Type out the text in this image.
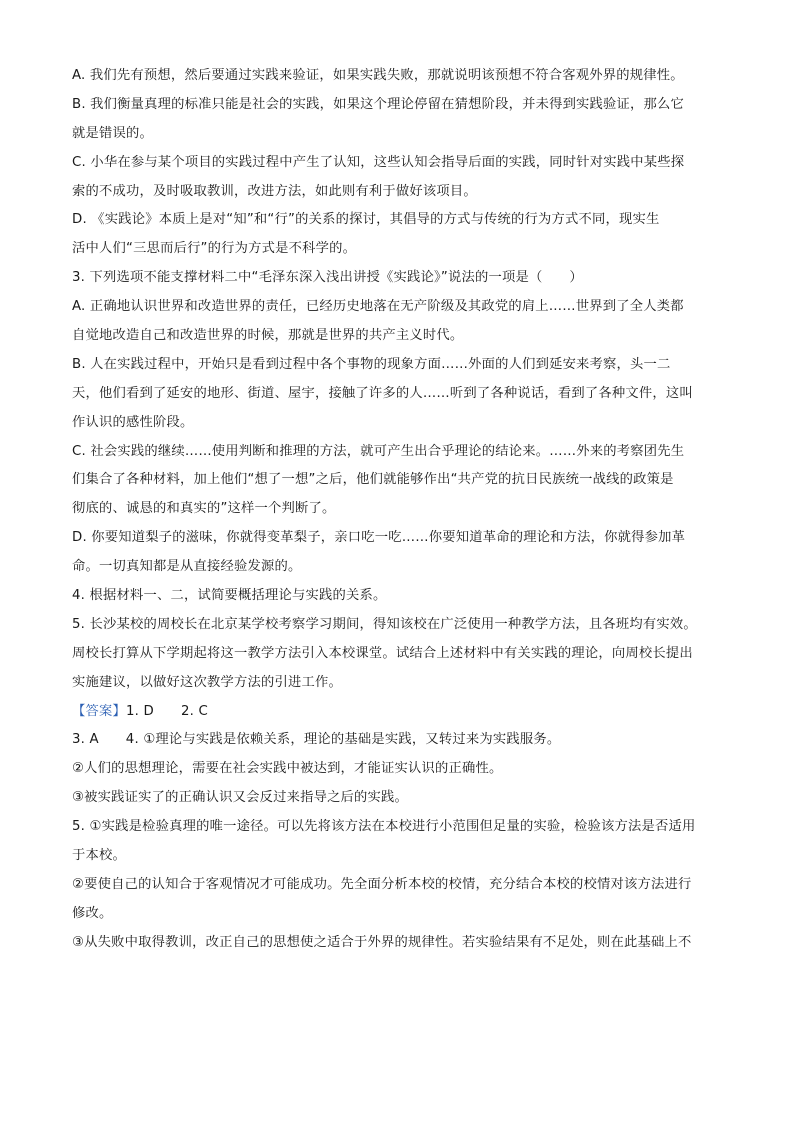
A. 我们先有预想，然后要通过实践来验证，如果实践失败，那就说明该预想不符合客观外界的规律性。
B. 我们衡量真理的标准只能是社会的实践，如果这个理论停留在猜想阶段，并未得到实践验证，那么它
就是错误的。
C. 小华在参与某个项目的实践过程中产生了认知，这些认知会指导后面的实践，同时针对实践中某些探
索的不成功，及时吸取教训，改进方法，如此则有利于做好该项目。
D. 《实践论》本质上是对“知”和“行”的关系的探讨，其倡导的方式与传统的行为方式不同，现实生
活中人们“三思而后行”的行为方式是不科学的。
3. 下列选项不能支撑材料二中“毛泽东深入浅出讲授《实践论》”说法的一项是（　　）
A. 正确地认识世界和改造世界的责任，已经历史地落在无产阶级及其政党的肩上……世界到了全人类都
自觉地改造自己和改造世界的时候，那就是世界的共产主义时代。
B. 人在实践过程中，开始只是看到过程中各个事物的现象方面……外面的人们到延安来考察，头一二
天，他们看到了延安的地形、街道、屋宇，接触了许多的人……听到了各种说话，看到了各种文件，这叫
作认识的感性阶段。
C. 社会实践的继续……使用判断和推理的方法，就可产生出合乎理论的结论来。……外来的考察团先生
们集合了各种材料，加上他们“想了一想”之后，他们就能够作出“共产党的抗日民族统一战线的政策是
彻底的、诚恳的和真实的”这样一个判断了。
D. 你要知道梨子的滋味，你就得变革梨子，亲口吃一吃……你要知道革命的理论和方法，你就得参加革
命。一切真知都是从直接经验发源的。
4. 根据材料一、二，试简要概括理论与实践的关系。
5. 长沙某校的周校长在北京某学校考察学习期间，得知该校在广泛使用一种教学方法，且各班均有实效。
周校长打算从下学期起将这一教学方法引入本校课堂。试结合上述材料中有关实践的理论，向周校长提出
实施建议，以做好这次教学方法的引进工作。
【答案】1. D　　2. C
3. A　　4. ①理论与实践是依赖关系，理论的基础是实践，又转过来为实践服务。
②人们的思想理论，需要在社会实践中被达到，才能证实认识的正确性。
③被实践证实了的正确认识又会反过来指导之后的实践。
5. ①实践是检验真理的唯一途径。可以先将该方法在本校进行小范围但足量的实验，检验该方法是否适用
于本校。
②要使自己的认知合于客观情况才可能成功。先全面分析本校的校情，充分结合本校的校情对该方法进行
修改。
③从失败中取得教训，改正自己的思想使之适合于外界的规律性。若实验结果有不足处，则在此基础上不
